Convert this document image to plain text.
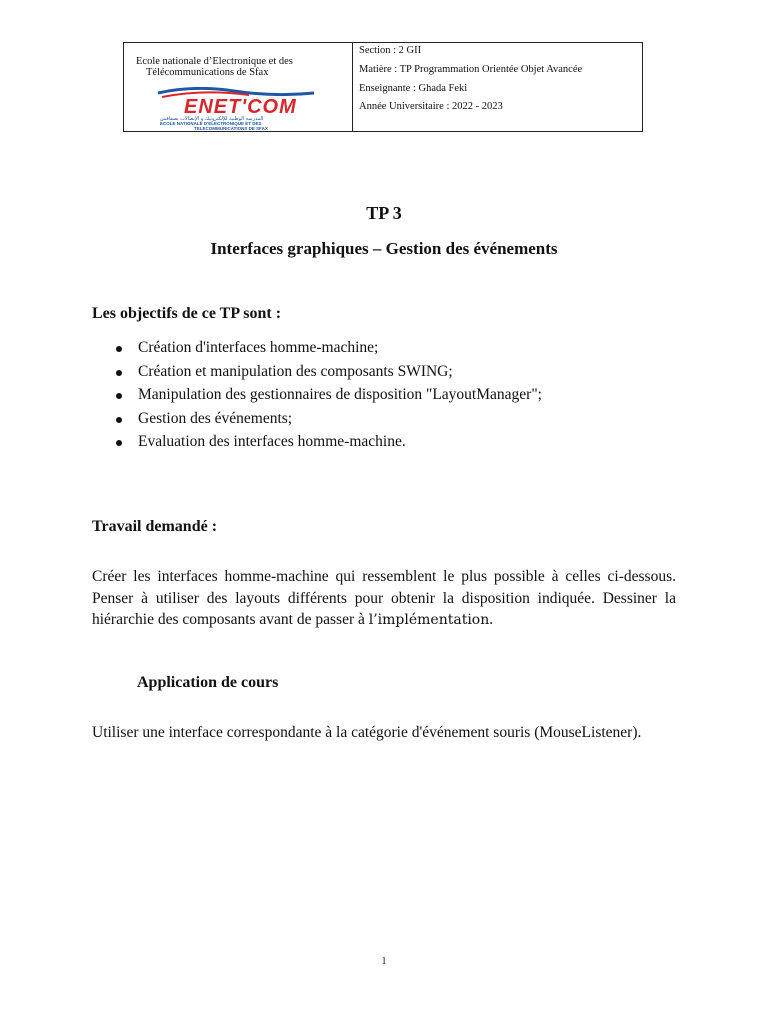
Ecole nationale d’Electronique et des
Télécommunications de Sfax
ENET'COM
المدرسة الوطنية للإلكترونيك و الإتصالات بصفاقس
ECOLE NATIONALE D'ELECTRONIQUE ET DES
TELECOMMUNICATIONS DE SFAX
Section : 2 GII
Matière : TP Programmation Orientée Objet Avancée
Enseignante : Ghada Feki
Année Universitaire : 2022 - 2023
TP 3
Interfaces graphiques – Gestion des événements
Les objectifs de ce TP sont :
Création d'interfaces homme-machine;
Création et manipulation des composants SWING;
Manipulation des gestionnaires de disposition "LayoutManager";
Gestion des événements;
Evaluation des interfaces homme-machine.
Travail demandé :
Créer les interfaces homme-machine qui ressemblent le plus possible à celles ci-dessous. Penser à utiliser des layouts différents pour obtenir la disposition indiquée. Dessiner la hiérarchie des composants avant de passer à l’implémentation.
Application de cours
Utiliser une interface correspondante à la catégorie d'événement souris (MouseListener).
1
